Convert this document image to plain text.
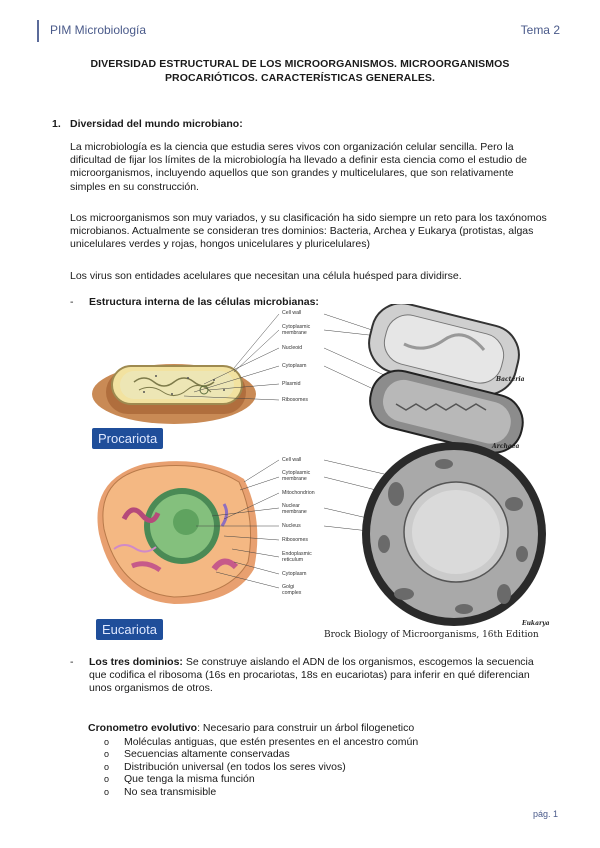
PIM Microbiología	Tema 2
DIVERSIDAD ESTRUCTURAL DE LOS MICROORGANISMOS. MICROORGANISMOS
PROCARIÓTICOS. CARACTERÍSTICAS GENERALES.
1. Diversidad del mundo microbiano:

La microbiología es la ciencia que estudia seres vivos con organización celular sencilla. Pero la dificultad de fijar los límites de la microbiología ha llevado a definir esta ciencia como el estudio de microorganismos, incluyendo aquellos que son grandes y multicelulares, que son relativamente simples en su construcción.

Los microorganismos son muy variados, y su clasificación ha sido siempre un reto para los taxónomos microbianos. Actualmente se consideran tres dominios: Bacteria, Archea y Eukarya (protistas, algas unicelulares verdes y rojas, hongos unicelulares y pluricelulares)

Los virus son entidades acelulares que necesitan una célula huésped para dividirse.

- Estructura interna de las células microbianas:
Procariota
Eucariota
Cell wall
Cytoplasmic membrane
Nucleoid
Cytoplasm
Plasmid
Ribosomes
Cell wall
Cytoplasmic membrane
Mitochondrion
Nuclear membrane
Nucleus
Ribosomes
Endoplasmic reticulum
Cytoplasm
Golgi complex
Bacteria
Archaea
Eukarya
Brock Biology of Microorganisms, 16th Edition
- Los tres dominios: Se construye aislando el ADN de los organismos, escogemos la secuencia que codifica el ribosoma (16s en procariotas, 18s en eucariotas) para inferir en qué diferencian unos organismos de otros.
Cronometro evolutivo: Necesario para construir un árbol filogenetico
o Moléculas antiguas, que estén presentes en el ancestro común
o Secuencias altamente conservadas
o Distribución universal (en todos los seres vivos)
o Que tenga la misma función
o No sea transmisible
pág. 1
